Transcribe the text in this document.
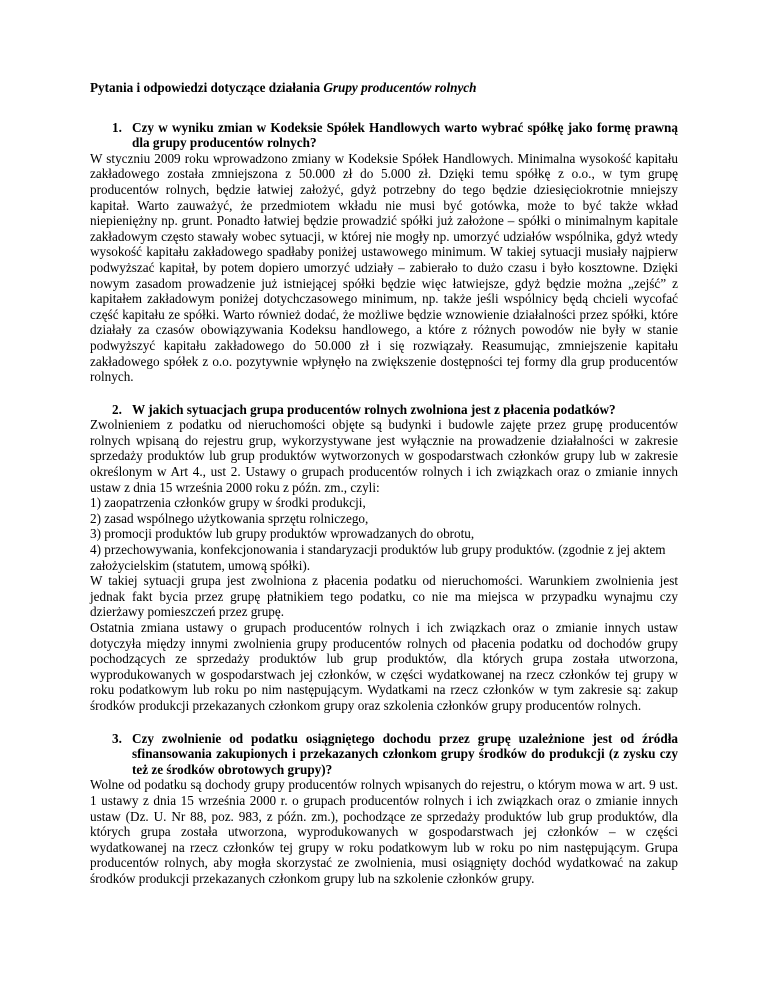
Pytania i odpowiedzi dotyczące działania Grupy producentów rolnych

1. Czy w wyniku zmian w Kodeksie Spółek Handlowych warto wybrać spółkę jako formę prawną dla grupy producentów rolnych?

W styczniu 2009 roku wprowadzono zmiany w Kodeksie Spółek Handlowych. Minimalna wysokość kapitału zakładowego została zmniejszona z 50.000 zł do 5.000 zł. Dzięki temu spółkę z o.o., w tym grupę producentów rolnych, będzie łatwiej założyć, gdyż potrzebny do tego będzie dziesięciokrotnie mniejszy kapitał. Warto zauważyć, że przedmiotem wkładu nie musi być gotówka, może to być także wkład niepieniężny np. grunt. Ponadto łatwiej będzie prowadzić spółki już założone – spółki o minimalnym kapitale zakładowym często stawały wobec sytuacji, w której nie mogły np. umorzyć udziałów wspólnika, gdyż wtedy wysokość kapitału zakładowego spadłaby poniżej ustawowego minimum. W takiej sytuacji musiały najpierw podwyższać kapitał, by potem dopiero umorzyć udziały – zabierało to dużo czasu i było kosztowne. Dzięki nowym zasadom prowadzenie już istniejącej spółki będzie więc łatwiejsze, gdyż będzie można „zejść” z kapitałem zakładowym poniżej dotychczasowego minimum, np. także jeśli wspólnicy będą chcieli wycofać część kapitału ze spółki. Warto również dodać, że możliwe będzie wznowienie działalności przez spółki, które działały za czasów obowiązywania Kodeksu handlowego, a które z różnych powodów nie były w stanie podwyższyć kapitału zakładowego do 50.000 zł i się rozwiązały. Reasumując, zmniejszenie kapitału zakładowego spółek z o.o. pozytywnie wpłynęło na zwiększenie dostępności tej formy dla grup producentów rolnych.

2. W jakich sytuacjach grupa producentów rolnych zwolniona jest z płacenia podatków?

Zwolnieniem z podatku od nieruchomości objęte są budynki i budowle zajęte przez grupę producentów rolnych wpisaną do rejestru grup, wykorzystywane jest wyłącznie na prowadzenie działalności w zakresie sprzedaży produktów lub grup produktów wytworzonych w gospodarstwach członków grupy lub w zakresie określonym w Art 4., ust 2. Ustawy o grupach producentów rolnych i ich związkach oraz o zmianie innych ustaw z dnia 15 września 2000 roku z późn. zm., czyli:

1) zaopatrzenia członków grupy w środki produkcji,
2) zasad wspólnego użytkowania sprzętu rolniczego,
3) promocji produktów lub grupy produktów wprowadzanych do obrotu,
4) przechowywania, konfekcjonowania i standaryzacji produktów lub grupy produktów. (zgodnie z jej aktem założycielskim (statutem, umową spółki).

W takiej sytuacji grupa jest zwolniona z płacenia podatku od nieruchomości. Warunkiem zwolnienia jest jednak fakt bycia przez grupę płatnikiem tego podatku, co nie ma miejsca w przypadku wynajmu czy dzierżawy pomieszczeń przez grupę.

Ostatnia zmiana ustawy o grupach producentów rolnych i ich związkach oraz o zmianie innych ustaw dotyczyła między innymi zwolnienia grupy producentów rolnych od płacenia podatku od dochodów grupy pochodzących ze sprzedaży produktów lub grup produktów, dla których grupa została utworzona, wyprodukowanych w gospodarstwach jej członków, w części wydatkowanej na rzecz członków tej grupy w roku podatkowym lub roku po nim następującym. Wydatkami na rzecz członków w tym zakresie są: zakup środków produkcji przekazanych członkom grupy oraz szkolenia członków grupy producentów rolnych.

3. Czy zwolnienie od podatku osiągniętego dochodu przez grupę uzależnione jest od źródła sfinansowania zakupionych i przekazanych członkom grupy środków do produkcji (z zysku czy też ze środków obrotowych grupy)?

Wolne od podatku są dochody grupy producentów rolnych wpisanych do rejestru, o którym mowa w art. 9 ust. 1 ustawy z dnia 15 września 2000 r. o grupach producentów rolnych i ich związkach oraz o zmianie innych ustaw (Dz. U. Nr 88, poz. 983, z późn. zm.), pochodzące ze sprzedaży produktów lub grup produktów, dla których grupa została utworzona, wyprodukowanych w gospodarstwach jej członków – w części wydatkowanej na rzecz członków tej grupy w roku podatkowym lub w roku po nim następującym. Grupa producentów rolnych, aby mogła skorzystać ze zwolnienia, musi osiągnięty dochód wydatkować na zakup środków produkcji przekazanych członkom grupy lub na szkolenie członków grupy.
